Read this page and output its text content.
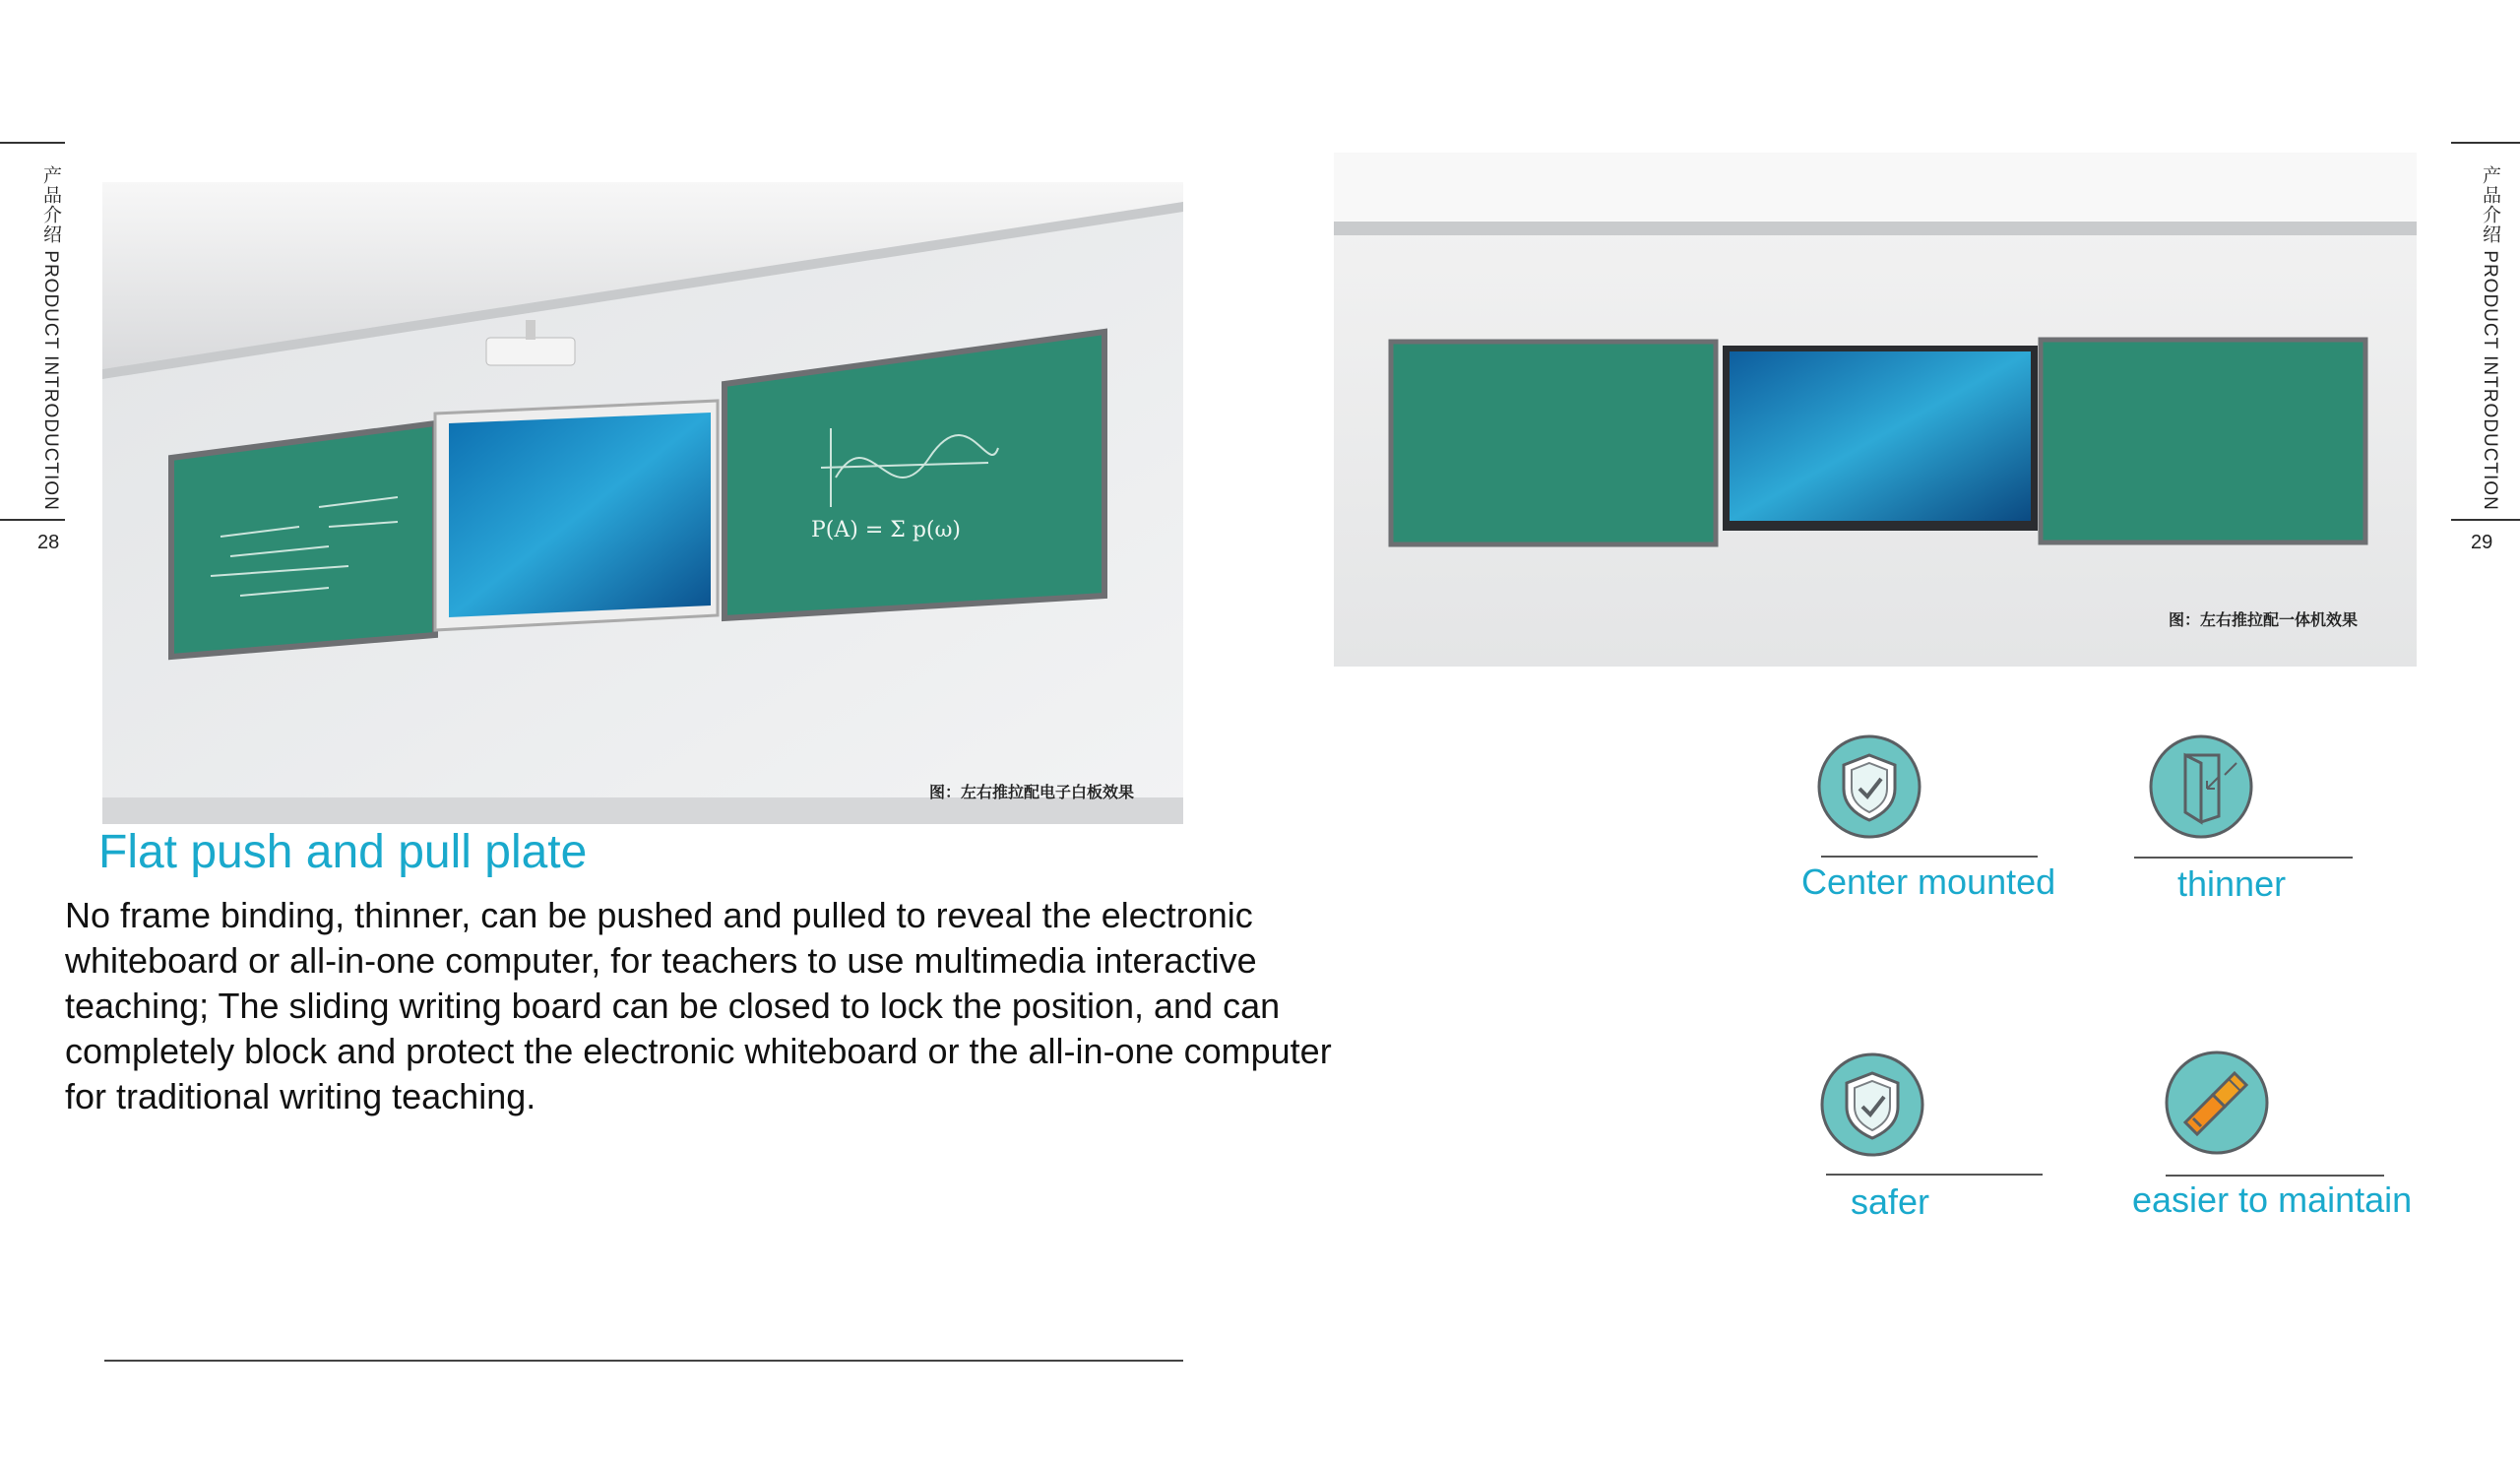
产品介绍 PRODUCT INTRODUCTION
28
产品介绍 PRODUCT INTRODUCTION
29
P(A) = Σ p(ω)
图：左右推拉配电子白板效果
图：左右推拉配一体机效果
Flat push and pull plate

No frame binding, thinner, can be pushed and pulled to reveal the electronic whiteboard or all-in-one computer, for teachers to use multimedia interactive teaching; The sliding writing board can be closed to lock the position, and can completely block and protect the electronic whiteboard or the all-in-one computer for traditional writing teaching.

Center mounted	thinner
safer	easier to maintain
